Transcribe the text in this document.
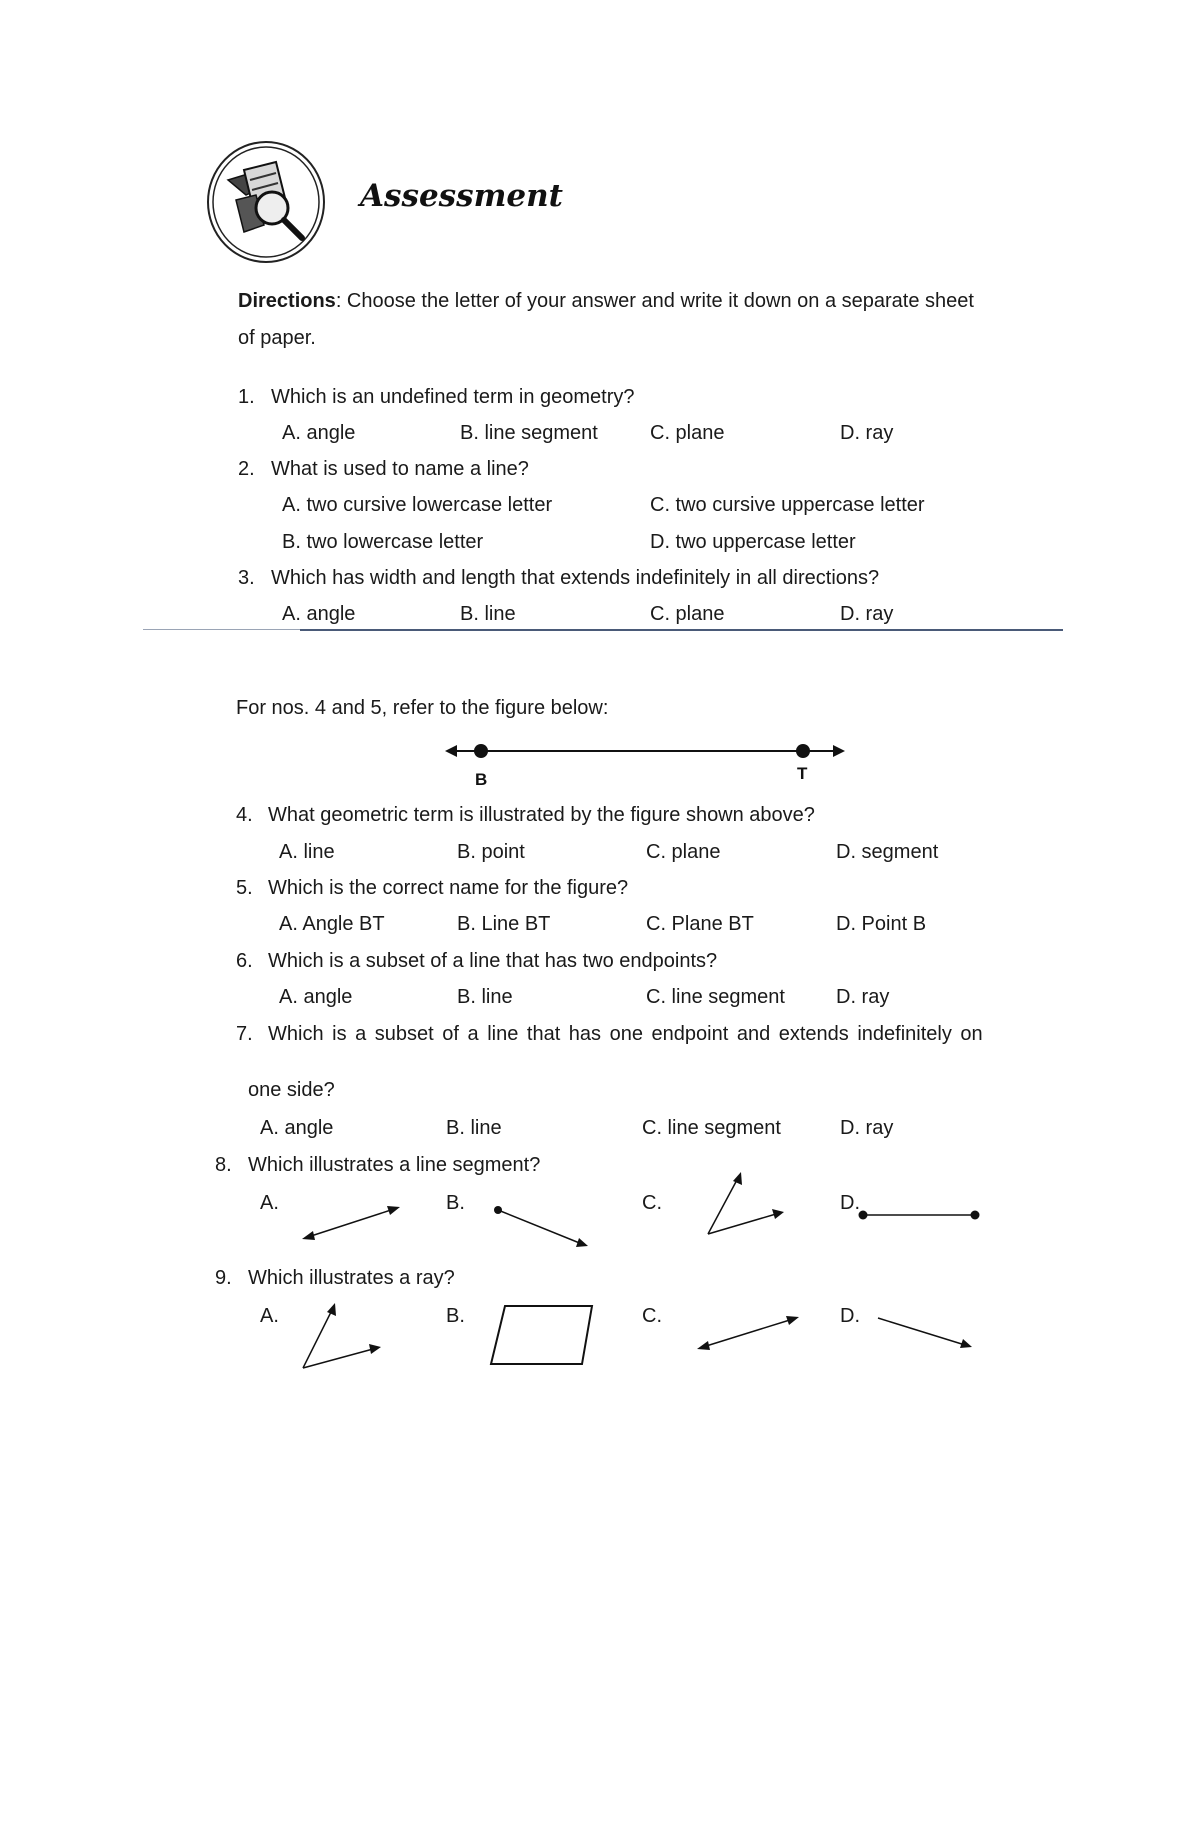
Assessment
Directions: Choose the letter of your answer and write it down on a separate sheet
of paper.
1. Which is an undefined term in geometry?
A. angle	B. line segment	C. plane	D. ray
2. What is used to name a line?
A. two cursive lowercase letter	C. two cursive uppercase letter
B. two lowercase letter	D. two uppercase letter
3. Which has width and length that extends indefinitely in all directions?
A. angle	B. line	C. plane	D. ray
For nos. 4 and 5, refer to the figure below:
B	T
4. What geometric term is illustrated by the figure shown above?
A. line	B. point	C. plane	D. segment
5. Which is the correct name for the figure?
A. Angle BT	B. Line BT	C. Plane BT	D. Point B
6. Which is a subset of a line that has two endpoints?
A. angle	B. line	C. line segment	D. ray
7. Which is a subset of a line that has one endpoint and extends indefinitely on
one side?
A. angle	B. line	C. line segment	D. ray
8. Which illustrates a line segment?
A.	B.	C.	D.
9. Which illustrates a ray?
A.	B.	C.	D.
